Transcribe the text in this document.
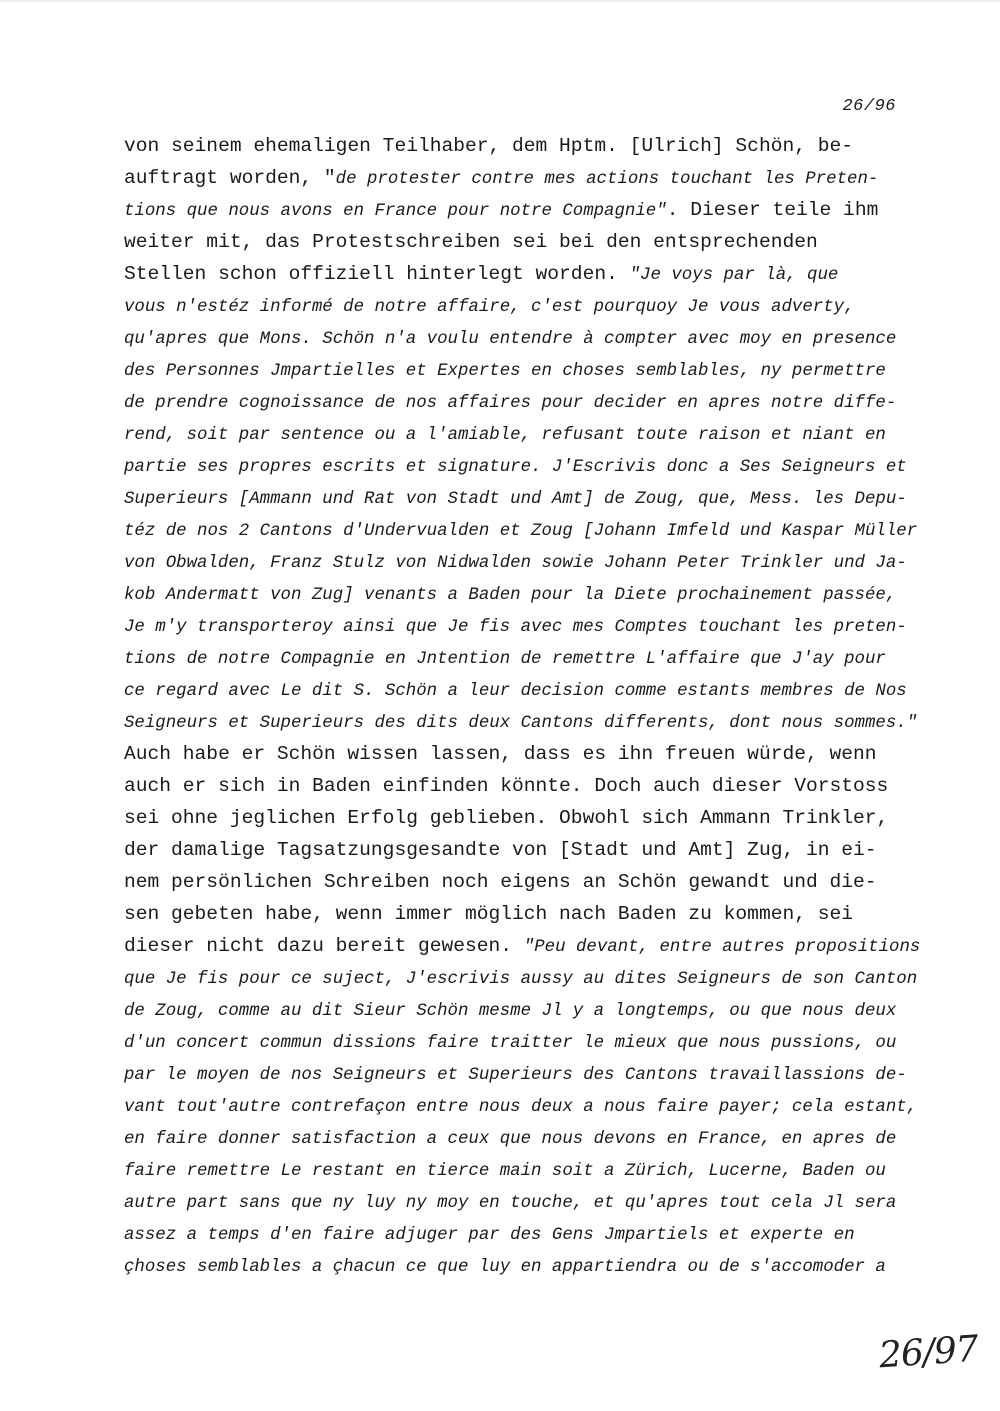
26/96
von seinem ehemaligen Teilhaber, dem Hptm. [Ulrich] Schön, be-
auftragt worden, "de protester contre mes actions touchant les Preten-
tions que nous avons en France pour notre Compagnie". Dieser teile ihm
weiter mit, das Protestschreiben sei bei den entsprechenden
Stellen schon offiziell hinterlegt worden. "Je voys par là, que
vous n'estéz informé de notre affaire, c'est pourquoy Je vous adverty,
qu'apres que Mons. Schön n'a voulu entendre à compter avec moy en presence
des Personnes Jmpartielles et Expertes en choses semblables, ny permettre
de prendre cognoissance de nos affaires pour decider en apres notre diffe-
rend, soit par sentence ou a l'amiable, refusant toute raison et niant en
partie ses propres escrits et signature. J'Escrivis donc a Ses Seigneurs et
Superieurs [Ammann und Rat von Stadt und Amt] de Zoug, que, Mess. les Depu-
téz de nos 2 Cantons d'Undervualden et Zoug [Johann Imfeld und Kaspar Müller
von Obwalden, Franz Stulz von Nidwalden sowie Johann Peter Trinkler und Ja-
kob Andermatt von Zug] venants a Baden pour la Diete prochainement passée,
Je m'y transporteroy ainsi que Je fis avec mes Comptes touchant les preten-
tions de notre Compagnie en Jntention de remettre L'affaire que J'ay pour
ce regard avec Le dit S. Schön a leur decision comme estants membres de Nos
Seigneurs et Superieurs des dits deux Cantons differents, dont nous sommes."
Auch habe er Schön wissen lassen, dass es ihn freuen würde, wenn
auch er sich in Baden einfinden könnte. Doch auch dieser Vorstoss
sei ohne jeglichen Erfolg geblieben. Obwohl sich Ammann Trinkler,
der damalige Tagsatzungsgesandte von [Stadt und Amt] Zug, in ei-
nem persönlichen Schreiben noch eigens an Schön gewandt und die-
sen gebeten habe, wenn immer möglich nach Baden zu kommen, sei
dieser nicht dazu bereit gewesen. "Peu devant, entre autres propositions
que Je fis pour ce suject, J'escrivis aussy au dites Seigneurs de son Canton
de Zoug, comme au dit Sieur Schön mesme Jl y a longtemps, ou que nous deux
d'un concert commun dissions faire traitter le mieux que nous pussions, ou
par le moyen de nos Seigneurs et Superieurs des Cantons travaillassions de-
vant tout'autre contrefaçon entre nous deux a nous faire payer; cela estant,
en faire donner satisfaction a ceux que nous devons en France, en apres de
faire remettre Le restant en tierce main soit a Zürich, Lucerne, Baden ou
autre part sans que ny luy ny moy en touche, et qu'apres tout cela Jl sera
assez a temps d'en faire adjuger par des Gens Jmpartiels et experte en
çhoses semblables a çhacun ce que luy en appartiendra ou de s'accomoder a
26/97
